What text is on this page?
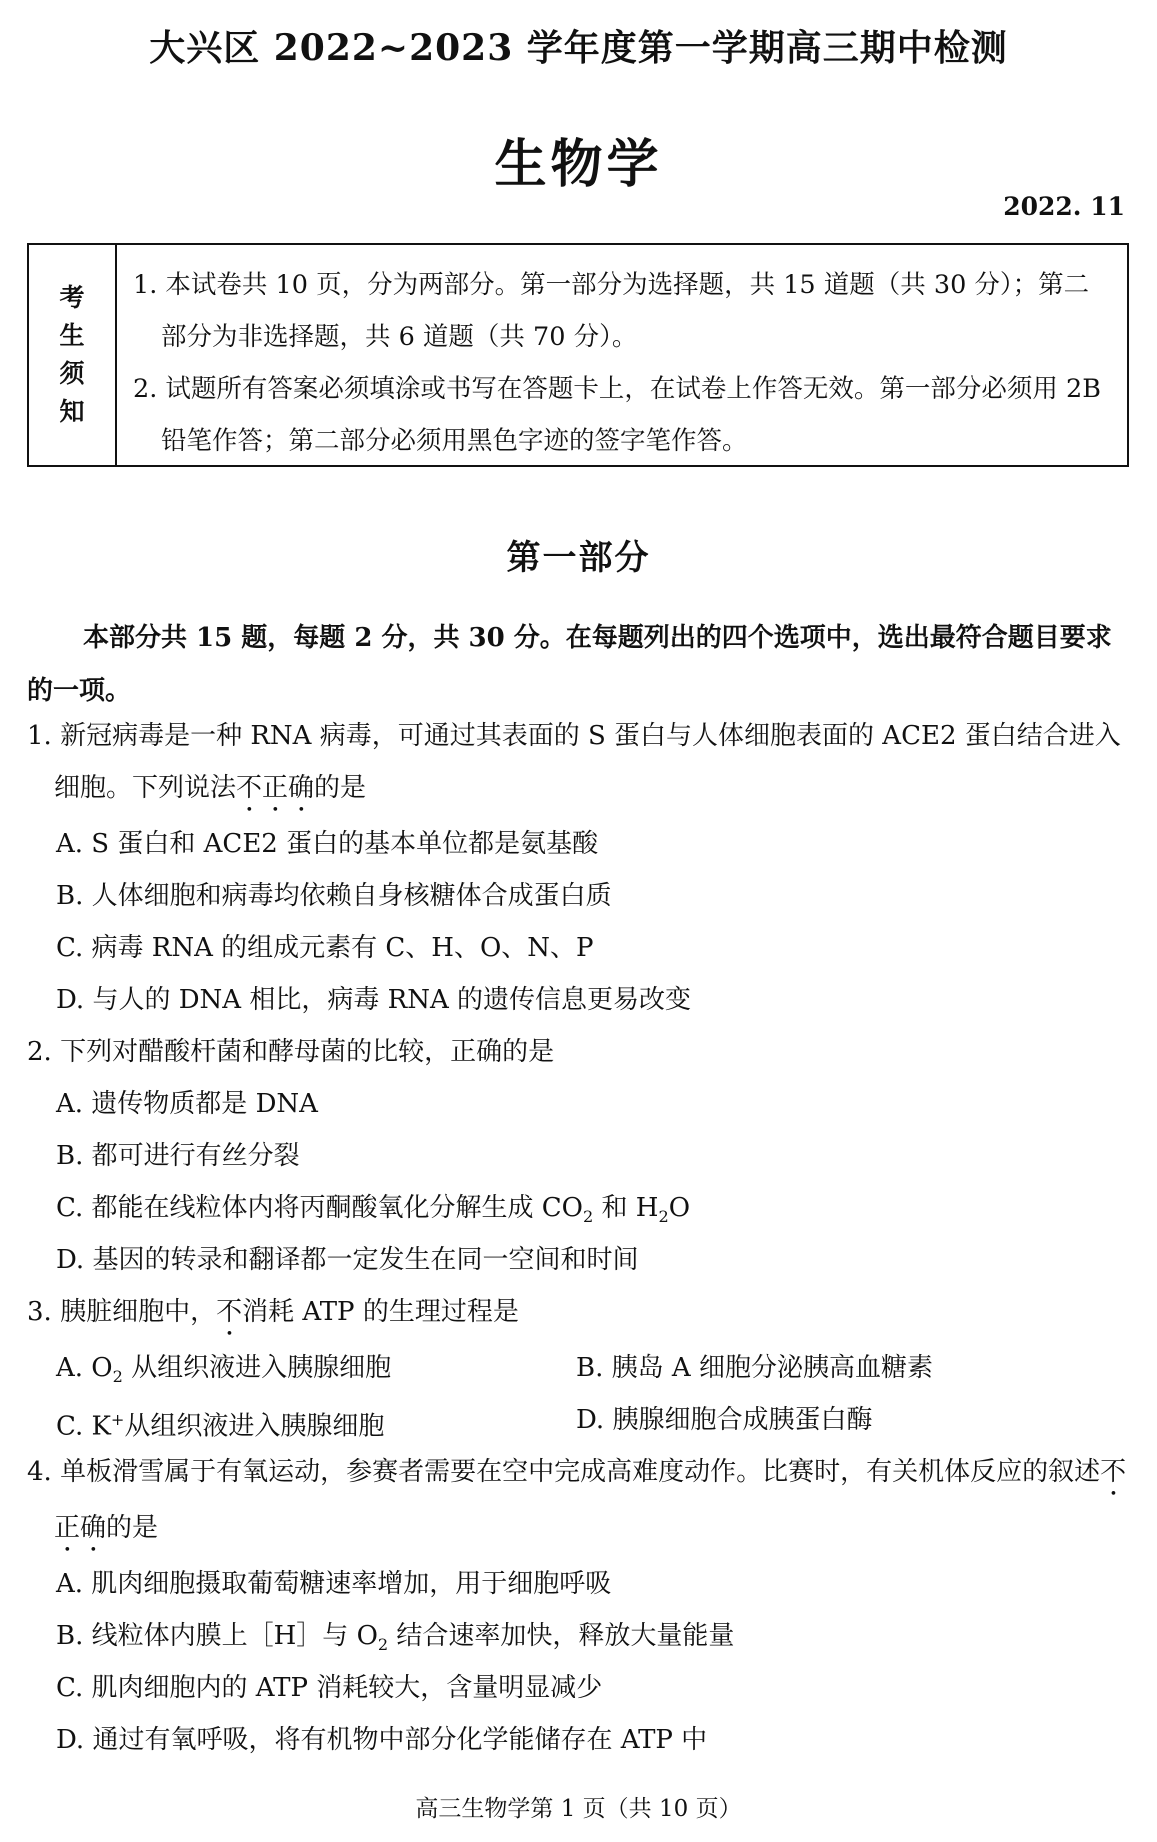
大兴区 2022~2023 学年度第一学期高三期中检测
生物学
2022. 11
考
生
须
知
1. 本试卷共 10 页，分为两部分。第一部分为选择题，共 15 道题（共 30 分）；第二部分为非选择题，共 6 道题（共 70 分）。
2. 试题所有答案必须填涂或书写在答题卡上，在试卷上作答无效。第一部分必须用 2B 铅笔作答；第二部分必须用黑色字迹的签字笔作答。
第一部分
本部分共 15 题，每题 2 分，共 30 分。在每题列出的四个选项中，选出最符合题目要求的一项。
1. 新冠病毒是一种 RNA 病毒，可通过其表面的 S 蛋白与人体细胞表面的 ACE2 蛋白结合进入细胞。下列说法不正确的是
A. S 蛋白和 ACE2 蛋白的基本单位都是氨基酸
B. 人体细胞和病毒均依赖自身核糖体合成蛋白质
C. 病毒 RNA 的组成元素有 C、H、O、N、P
D. 与人的 DNA 相比，病毒 RNA 的遗传信息更易改变
2. 下列对醋酸杆菌和酵母菌的比较，正确的是
A. 遗传物质都是 DNA
B. 都可进行有丝分裂
C. 都能在线粒体内将丙酮酸氧化分解生成 $CO_2$ 和 $H_2O$
D. 基因的转录和翻译都一定发生在同一空间和时间
3. 胰脏细胞中，不消耗 ATP 的生理过程是
A. $O_2$ 从组织液进入胰腺细胞	B. 胰岛 A 细胞分泌胰高血糖素
C. K+从组织液进入胰腺细胞	D. 胰腺细胞合成胰蛋白酶
4. 单板滑雪属于有氧运动，参赛者需要在空中完成高难度动作。比赛时，有关机体反应的叙述不正确的是
A. 肌肉细胞摄取葡萄糖速率增加，用于细胞呼吸
B. 线粒体内膜上［H］与 $O_2$ 结合速率加快，释放大量能量
C. 肌肉细胞内的 ATP 消耗较大，含量明显减少
D. 通过有氧呼吸，将有机物中部分化学能储存在 ATP 中
高三生物学第 1 页（共 10 页）
